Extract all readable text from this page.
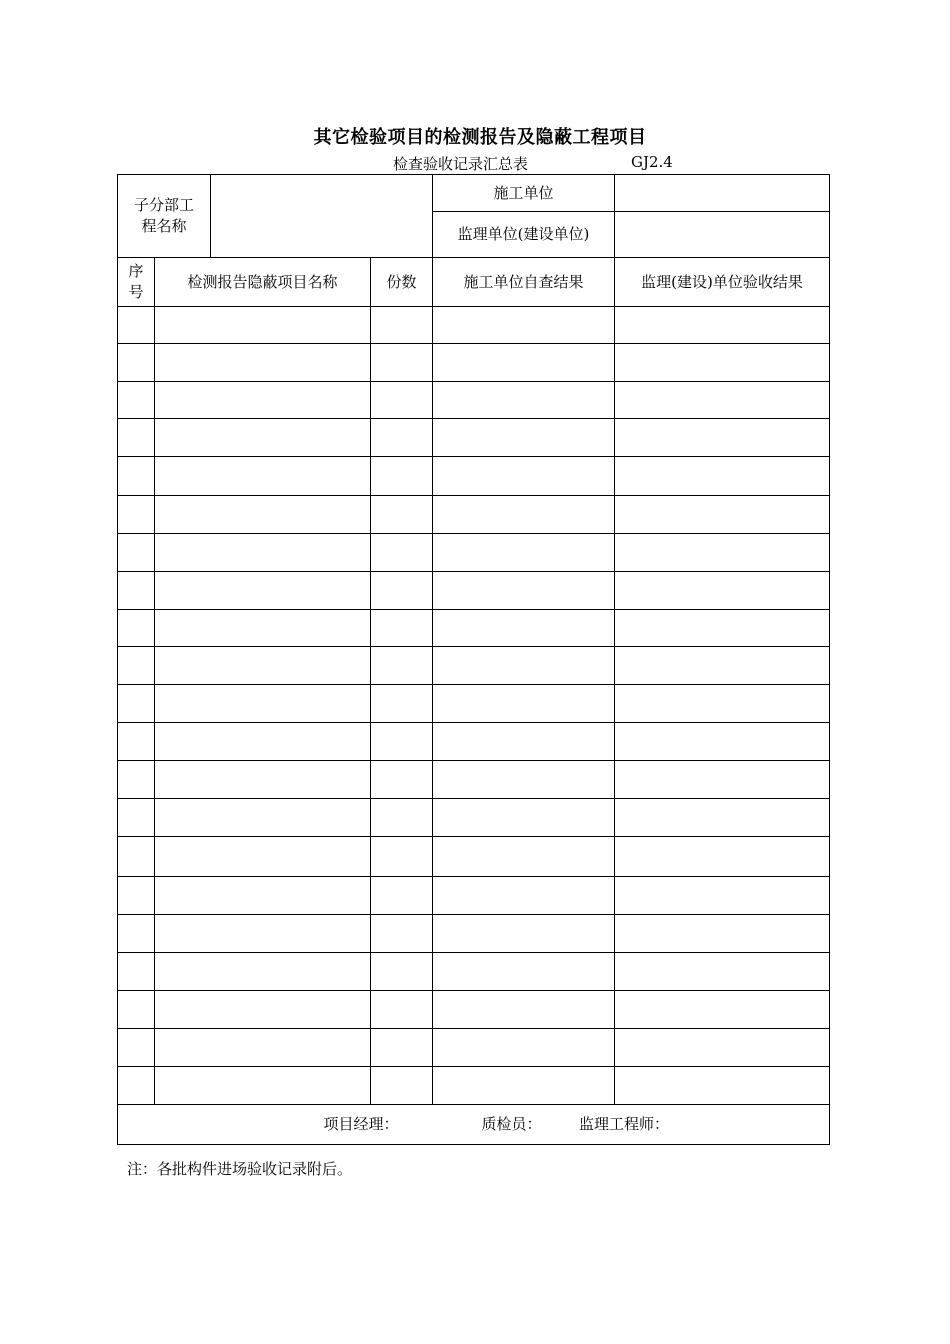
其它检验项目的检测报告及隐蔽工程项目
检查验收记录汇总表	GJ2.4
子分部工
程名称				施工单位	
				监理单位(建设单位)	
序
号	检测报告隐蔽项目名称		份数	施工单位自查结果	监理(建设)单位验收结果

项目经理： 质检员： 监理工程师：					
注：各批构件进场验收记录附后。
